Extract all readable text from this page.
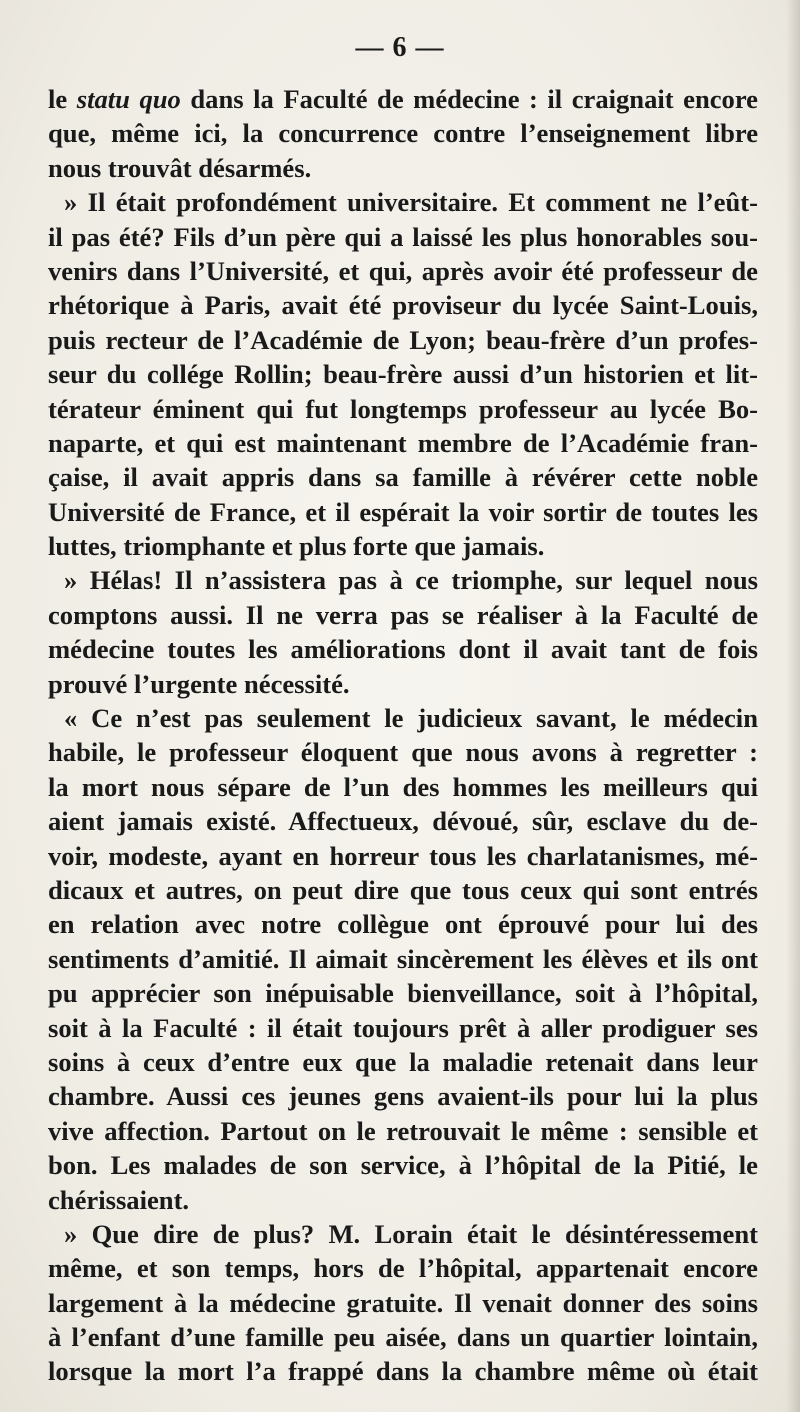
— 6 —
le statu quo dans la Faculté de médecine : il craignait encore
que, même ici, la concurrence contre l’enseignement libre
nous trouvât désarmés.
» Il était profondément universitaire. Et comment ne l’eût-
il pas été? Fils d’un père qui a laissé les plus honorables sou-
venirs dans l’Université, et qui, après avoir été professeur de
rhétorique à Paris, avait été proviseur du lycée Saint-Louis,
puis recteur de l’Académie de Lyon; beau-frère d’un profes-
seur du collége Rollin; beau-frère aussi d’un historien et lit-
térateur éminent qui fut longtemps professeur au lycée Bo-
naparte, et qui est maintenant membre de l’Académie fran-
çaise, il avait appris dans sa famille à révérer cette noble
Université de France, et il espérait la voir sortir de toutes les
luttes, triomphante et plus forte que jamais.
» Hélas! Il n’assistera pas à ce triomphe, sur lequel nous
comptons aussi. Il ne verra pas se réaliser à la Faculté de
médecine toutes les améliorations dont il avait tant de fois
prouvé l’urgente nécessité.
« Ce n’est pas seulement le judicieux savant, le médecin
habile, le professeur éloquent que nous avons à regretter :
la mort nous sépare de l’un des hommes les meilleurs qui
aient jamais existé. Affectueux, dévoué, sûr, esclave du de-
voir, modeste, ayant en horreur tous les charlatanismes, mé-
dicaux et autres, on peut dire que tous ceux qui sont entrés
en relation avec notre collègue ont éprouvé pour lui des
sentiments d’amitié. Il aimait sincèrement les élèves et ils ont
pu apprécier son inépuisable bienveillance, soit à l’hôpital,
soit à la Faculté : il était toujours prêt à aller prodiguer ses
soins à ceux d’entre eux que la maladie retenait dans leur
chambre. Aussi ces jeunes gens avaient-ils pour lui la plus
vive affection. Partout on le retrouvait le même : sensible et
bon. Les malades de son service, à l’hôpital de la Pitié, le
chérissaient.
» Que dire de plus? M. Lorain était le désintéressement
même, et son temps, hors de l’hôpital, appartenait encore
largement à la médecine gratuite. Il venait donner des soins
à l’enfant d’une famille peu aisée, dans un quartier lointain,
lorsque la mort l’a frappé dans la chambre même où était
